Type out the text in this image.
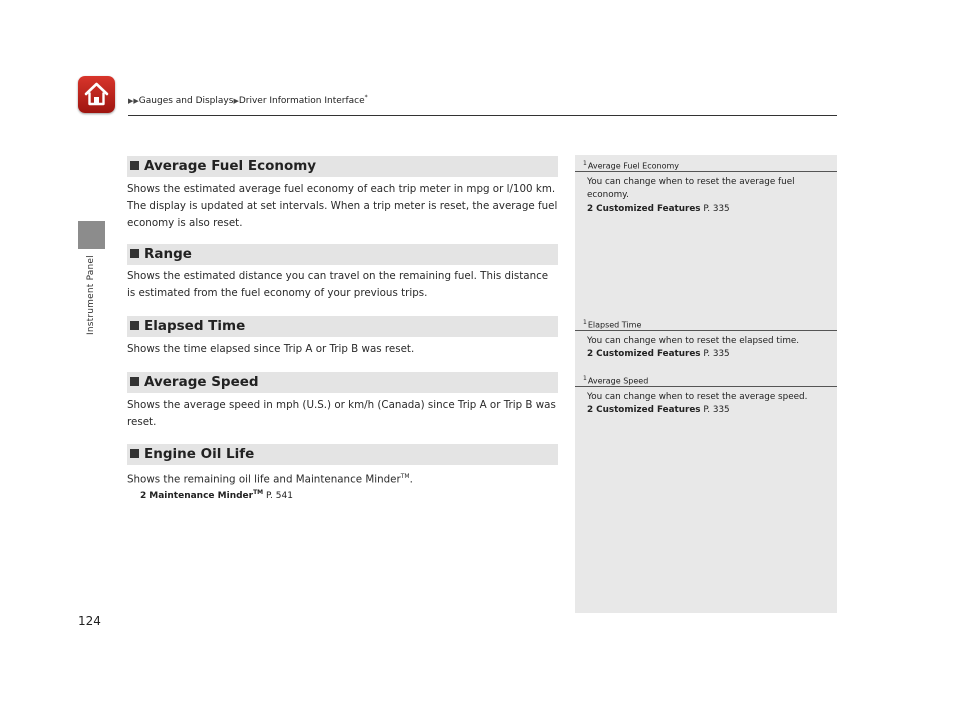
▶▶Gauges and Displays▶Driver Information Interface*
Instrument Panel
124
Average Fuel Economy
Shows the estimated average fuel economy of each trip meter in mpg or l/100 km. The display is updated at set intervals. When a trip meter is reset, the average fuel economy is also reset.
Range
Shows the estimated distance you can travel on the remaining fuel. This distance is estimated from the fuel economy of your previous trips.
Elapsed Time
Shows the time elapsed since Trip A or Trip B was reset.
Average Speed
Shows the average speed in mph (U.S.) or km/h (Canada) since Trip A or Trip B was reset.
Engine Oil Life
Shows the remaining oil life and Maintenance Minder™.
2 Maintenance Minder™ P. 541
$^1$Average Fuel Economy
You can change when to reset the average fuel economy.
2 Customized Features P. 335
$^1$Elapsed Time
You can change when to reset the elapsed time.
2 Customized Features P. 335
$^1$Average Speed
You can change when to reset the average speed.
2 Customized Features P. 335
